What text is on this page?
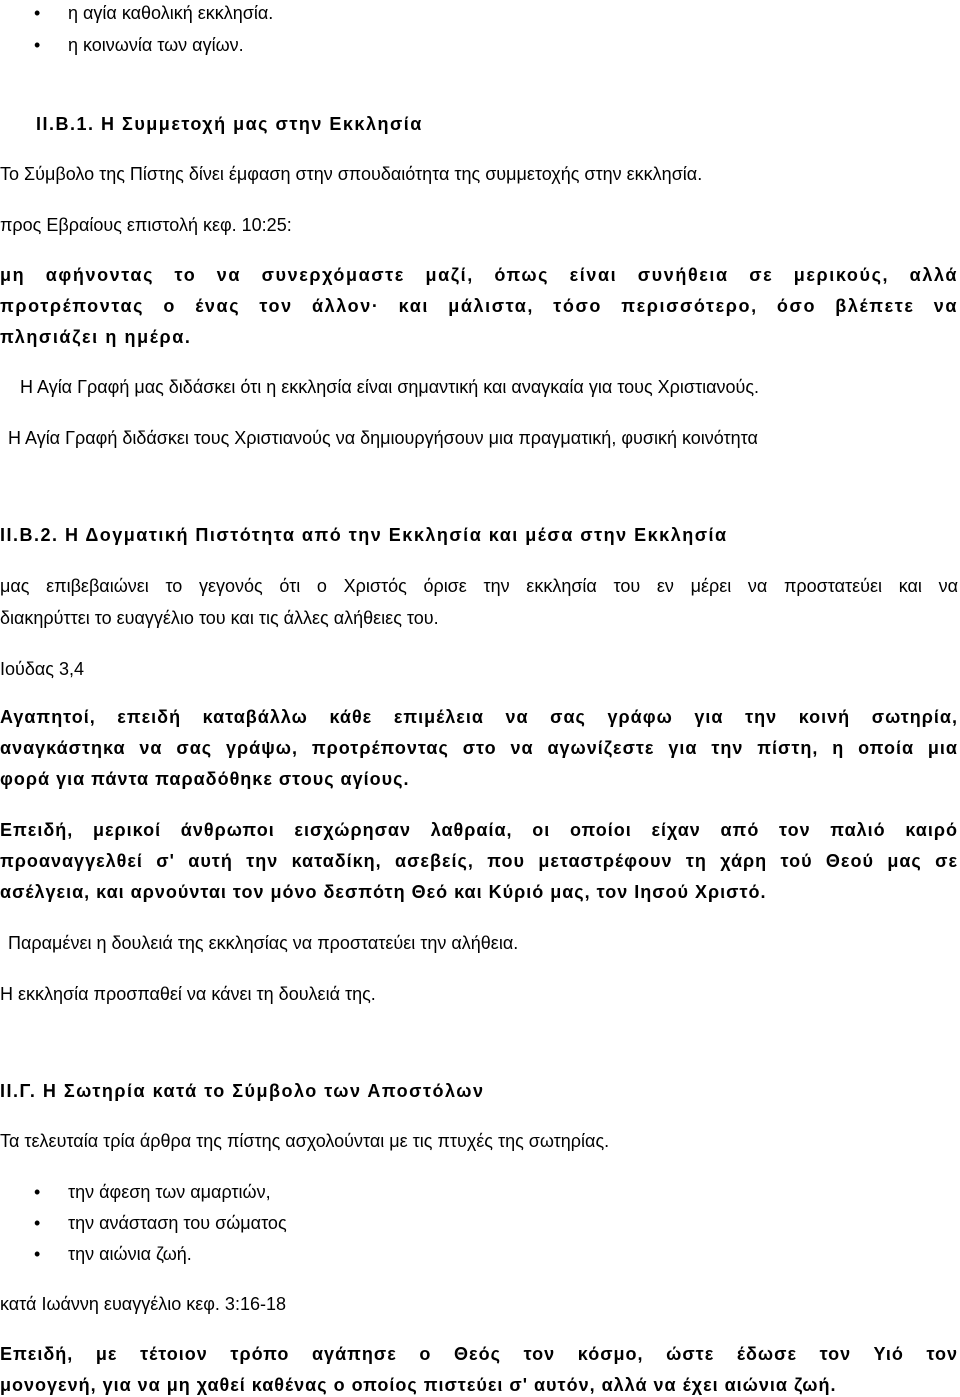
• η αγία καθολική εκκλησία.
• η κοινωνία των αγίων.
ΙΙ.Β.1. Η Συμμετοχή μας στην Εκκλησία
Το Σύμβολο της Πίστης δίνει έμφαση στην σπουδαιότητα της συμμετοχής στην εκκλησία.
προς Εβραίους επιστολή κεφ. 10:25:
μη αφήνοντας το να συνερχόμαστε μαζί, όπως είναι συνήθεια σε μερικούς, αλλά
προτρέποντας ο ένας τον άλλον· και μάλιστα, τόσο περισσότερο, όσο βλέπετε να
πλησιάζει η ημέρα.
Η Αγία Γραφή μας διδάσκει ότι η εκκλησία είναι σημαντική και αναγκαία για τους Χριστιανούς.
Η Αγία Γραφή διδάσκει τους Χριστιανούς να δημιουργήσουν μια πραγματική, φυσική κοινότητα
ΙΙ.Β.2. Η Δογματική Πιστότητα από την Εκκλησία και μέσα στην Εκκλησία
μας επιβεβαιώνει το γεγονός ότι ο Χριστός όρισε την εκκλησία του εν μέρει να προστατεύει και να
διακηρύττει το ευαγγέλιο του και τις άλλες αλήθειες του.
Ιούδας 3,4
Αγαπητοί, επειδή καταβάλλω κάθε επιμέλεια να σας γράφω για την κοινή σωτηρία,
αναγκάστηκα να σας γράψω, προτρέποντας στο να αγωνίζεστε για την πίστη, η οποία μια
φορά για πάντα παραδόθηκε στους αγίους.
Επειδή, μερικοί άνθρωποι εισχώρησαν λαθραία, οι οποίοι είχαν από τον παλιό καιρό
προαναγγελθεί σ' αυτή την καταδίκη, ασεβείς, που μεταστρέφουν τη χάρη τού Θεού μας σε
ασέλγεια, και αρνούνται τον μόνο δεσπότη Θεό και Κύριό μας, τον Ιησού Χριστό.
Παραμένει η δουλειά της εκκλησίας να προστατεύει την αλήθεια.
Η εκκλησία προσπαθεί να κάνει τη δουλειά της.
ΙΙ.Γ. Η Σωτηρία κατά το Σύμβολο των Αποστόλων
Τα τελευταία τρία άρθρα της πίστης ασχολούνται με τις πτυχές της σωτηρίας.
• την άφεση των αμαρτιών,
• την ανάσταση του σώματος
• την αιώνια ζωή.
κατά Ιωάννη ευαγγέλιο κεφ. 3:16-18
Επειδή, με τέτοιον τρόπο αγάπησε ο Θεός τον κόσμο, ώστε έδωσε τον Υιό τον
μονογενή, για να μη χαθεί καθένας ο οποίος πιστεύει σ' αυτόν, αλλά να έχει αιώνια ζωή.
